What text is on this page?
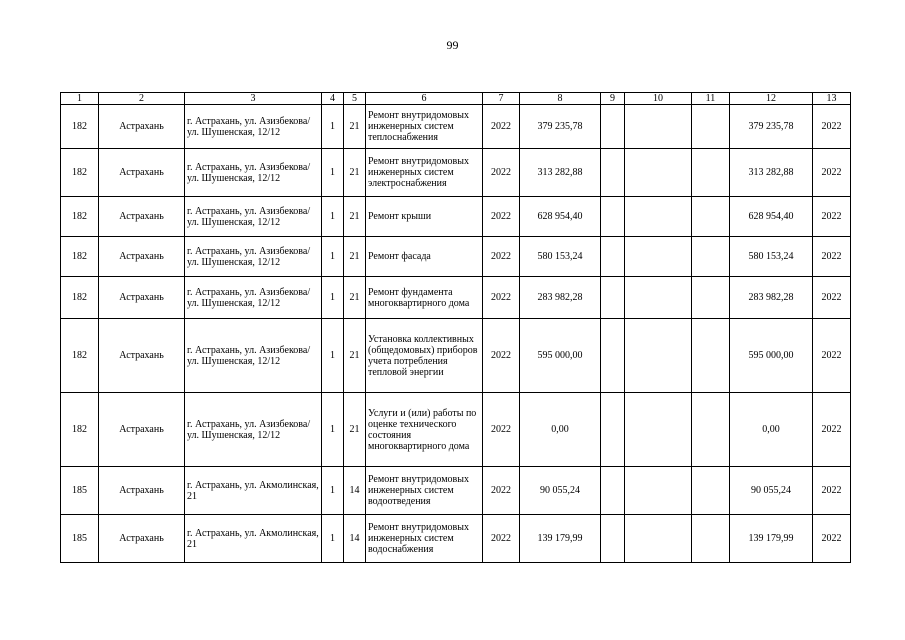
99
1	2	3	4	5	6	7	8	9	10	11	12	13
182	Астрахань	г. Астрахань, ул. Азизбекова/ ул. Шушенская, 12/12	1	21	Ремонт внутридомовых инженерных систем теплоснабжения	2022	379 235,78				379 235,78	2022
182	Астрахань	г. Астрахань, ул. Азизбекова/ ул. Шушенская, 12/12	1	21	Ремонт внутридомовых инженерных систем электроснабжения	2022	313 282,88				313 282,88	2022
182	Астрахань	г. Астрахань, ул. Азизбекова/ ул. Шушенская, 12/12	1	21	Ремонт крыши	2022	628 954,40				628 954,40	2022
182	Астрахань	г. Астрахань, ул. Азизбекова/ ул. Шушенская, 12/12	1	21	Ремонт фасада	2022	580 153,24				580 153,24	2022
182	Астрахань	г. Астрахань, ул. Азизбекова/ ул. Шушенская, 12/12	1	21	Ремонт фундамента многоквартирного дома	2022	283 982,28				283 982,28	2022
182	Астрахань	г. Астрахань, ул. Азизбекова/ ул. Шушенская, 12/12	1	21	Установка коллективных (общедомовых) приборов учета потребления тепловой энергии	2022	595 000,00				595 000,00	2022
182	Астрахань	г. Астрахань, ул. Азизбекова/ ул. Шушенская, 12/12	1	21	Услуги и (или) работы по оценке технического состояния многоквартирного дома	2022	0,00				0,00	2022
185	Астрахань	г. Астрахань, ул. Акмолинская, 21	1	14	Ремонт внутридомовых инженерных систем водоотведения	2022	90 055,24				90 055,24	2022
185	Астрахань	г. Астрахань, ул. Акмолинская, 21	1	14	Ремонт внутридомовых инженерных систем водоснабжения	2022	139 179,99				139 179,99	2022
